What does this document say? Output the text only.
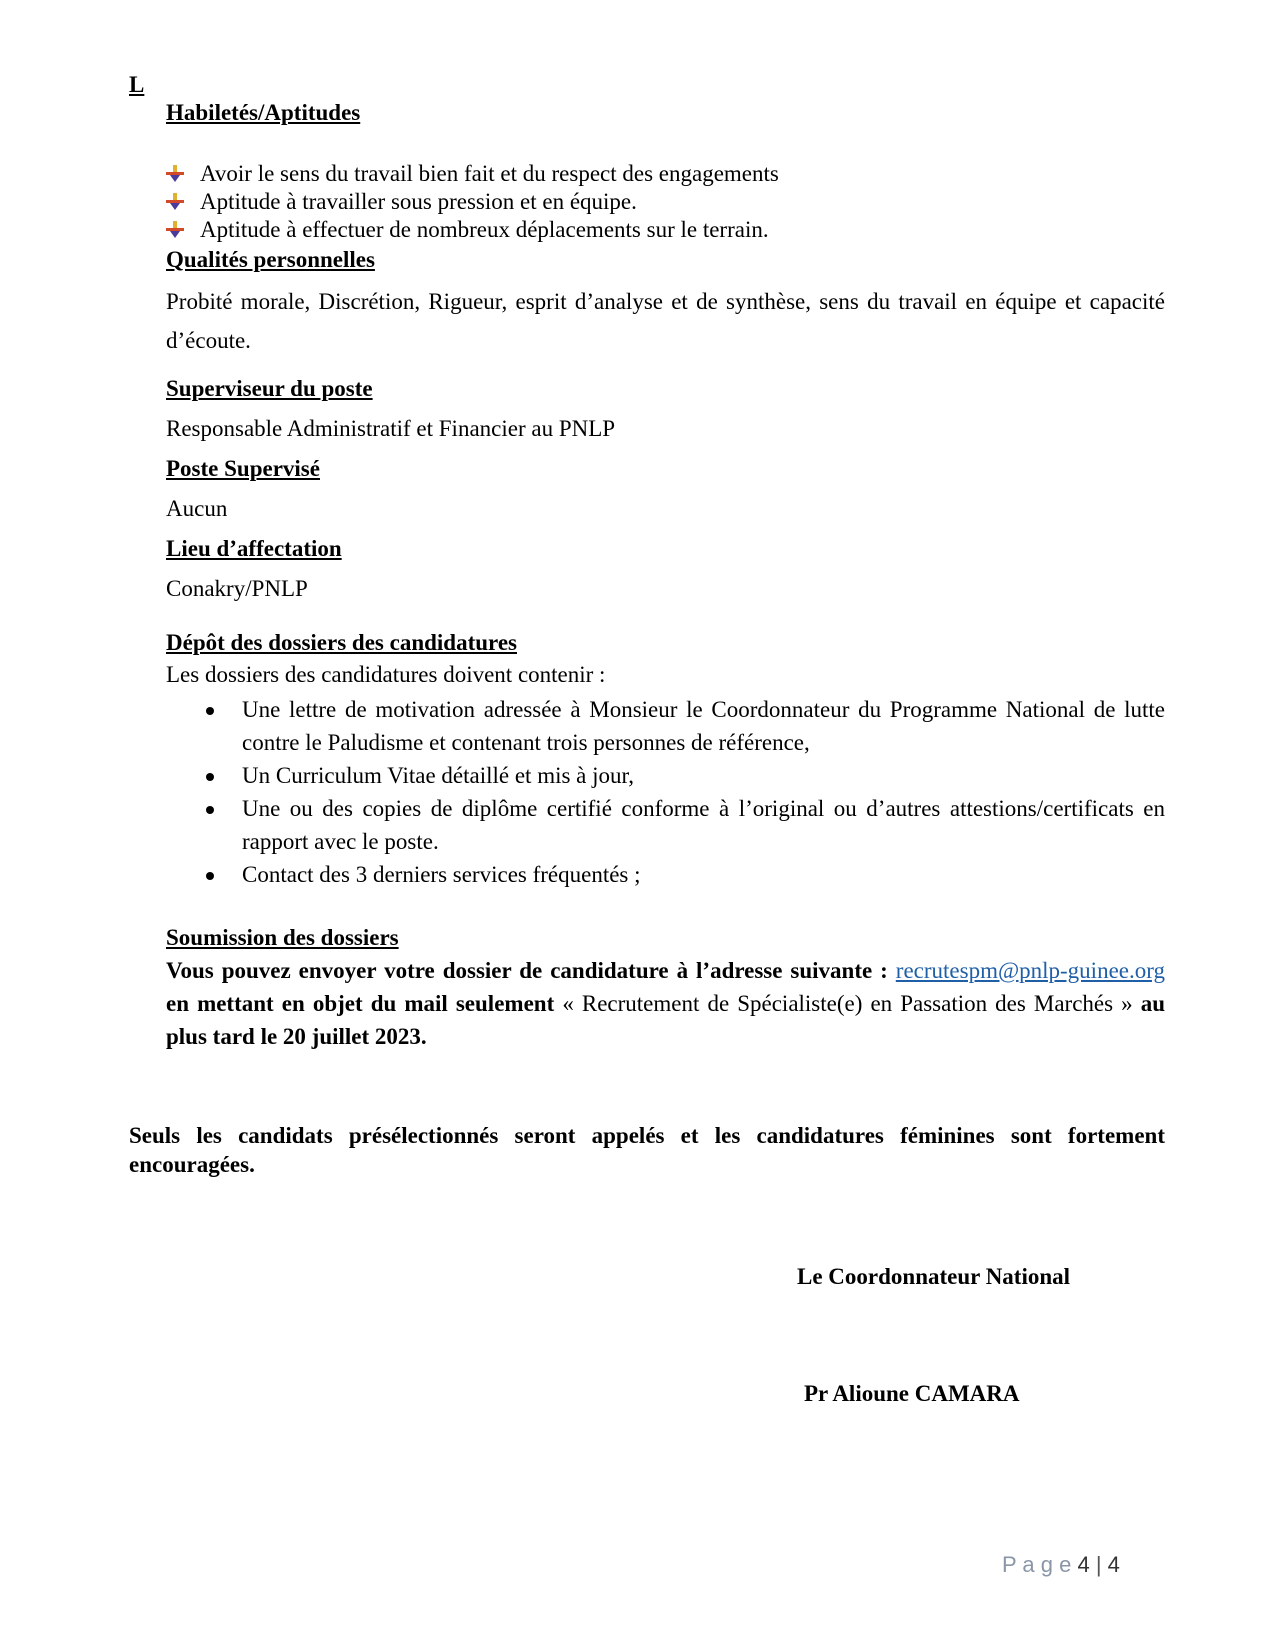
L
Habiletés/Aptitudes
Avoir le sens du travail bien fait et du respect des engagements
Aptitude à travailler sous pression et en équipe.
Aptitude à effectuer de nombreux déplacements sur le terrain.
Qualités personnelles
Probité morale, Discrétion, Rigueur, esprit d’analyse et de synthèse, sens du travail en équipe et capacité d’écoute.
Superviseur du poste
Responsable Administratif et Financier au PNLP
Poste Supervisé
Aucun
Lieu d’affectation
Conakry/PNLP
Dépôt des dossiers des candidatures
Les dossiers des candidatures doivent contenir :
Une lettre de motivation adressée à Monsieur le Coordonnateur du Programme National de lutte contre le Paludisme et contenant trois personnes de référence,
Un Curriculum Vitae détaillé et mis à jour,
Une ou des copies de diplôme certifié conforme à l’original ou d’autres attestions/certificats en rapport avec le poste.
Contact des 3 derniers services fréquentés ;
Soumission des dossiers
Vous pouvez envoyer votre dossier de candidature à l’adresse suivante : recrutespm@pnlp-guinee.org en mettant en objet du mail seulement « Recrutement de Spécialiste(e) en Passation des Marchés » au plus tard le 20 juillet 2023.
Seuls les candidats présélectionnés seront appelés et les candidatures féminines sont fortement encouragées.
Le Coordonnateur National
Pr Alioune CAMARA
P a g e 4 | 4
